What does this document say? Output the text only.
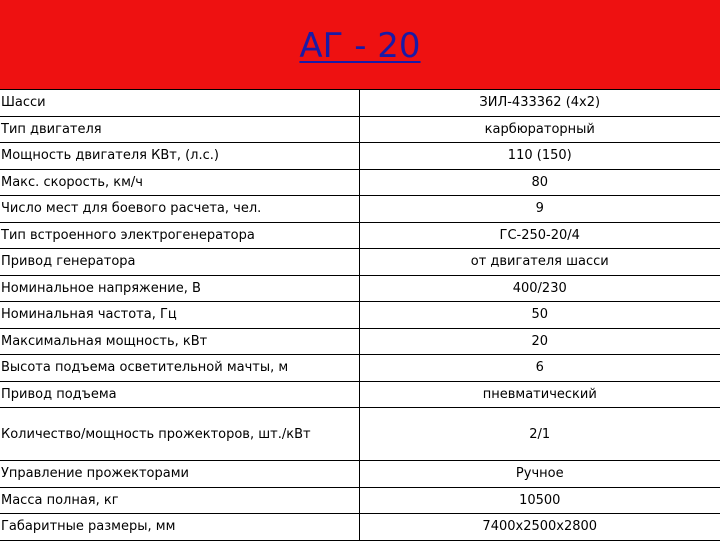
АГ - 20
Шасси	ЗИЛ-433362 (4x2)
Тип двигателя	карбюраторный
Мощность двигателя КВт, (л.с.)	110 (150)
Макс. скорость, км/ч	80
Число мест для боевого расчета, чел.	9
Тип встроенного электрогенератора	ГС-250-20/4
Привод генератора	от двигателя шасси
Номинальное напряжение, В	400/230
Номинальная частота, Гц	50
Максимальная мощность, кВт	20
Высота подъема осветительной мачты, м	6
Привод подъема	пневматический
Количество/мощность прожекторов, шт./кВт	2/1
Управление прожекторами	Ручное
Масса полная, кг	10500
Габаритные размеры, мм	7400x2500x2800
